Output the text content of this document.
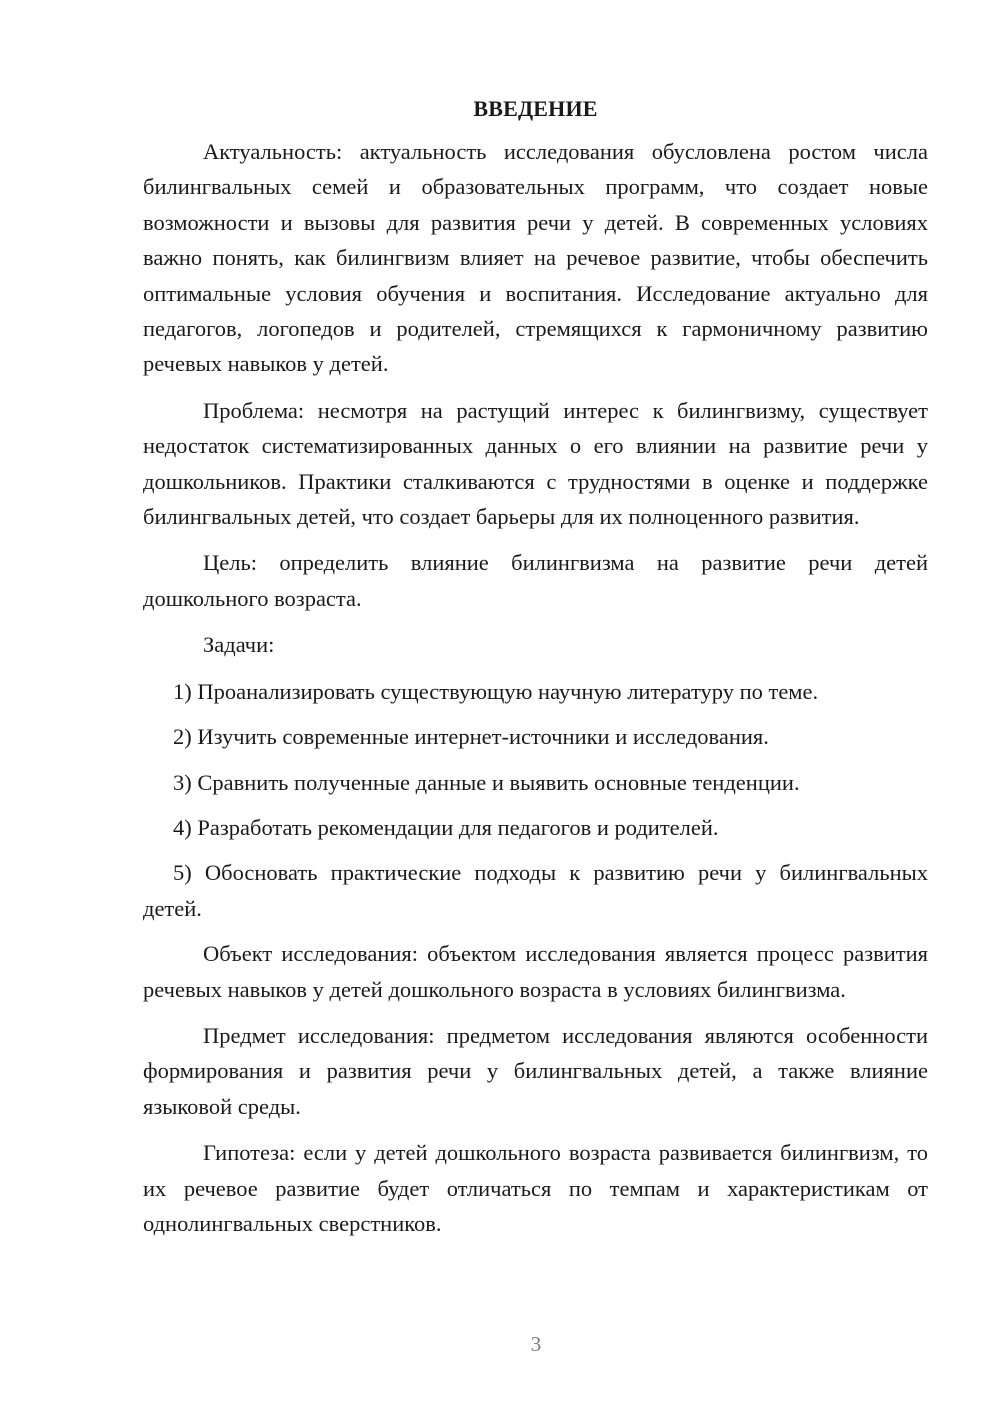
ВВЕДЕНИЕ

Актуальность: актуальность исследования обусловлена ростом числа билингвальных семей и образовательных программ, что создает новые возможности и вызовы для развития речи у детей. В современных условиях важно понять, как билингвизм влияет на речевое развитие, чтобы обеспечить оптимальные условия обучения и воспитания. Исследование актуально для педагогов, логопедов и родителей, стремящихся к гармоничному развитию речевых навыков у детей.

Проблема: несмотря на растущий интерес к билингвизму, существует недостаток систематизированных данных о его влиянии на развитие речи у дошкольников. Практики сталкиваются с трудностями в оценке и поддержке билингвальных детей, что создает барьеры для их полноценного развития.

Цель: определить влияние билингвизма на развитие речи детей дошкольного возраста.

Задачи:

1) Проанализировать существующую научную литературу по теме.

2) Изучить современные интернет-источники и исследования.

3) Сравнить полученные данные и выявить основные тенденции.

4) Разработать рекомендации для педагогов и родителей.

5) Обосновать практические подходы к развитию речи у билингвальных детей.

Объект исследования: объектом исследования является процесс развития речевых навыков у детей дошкольного возраста в условиях билингвизма.

Предмет исследования: предметом исследования являются особенности формирования и развития речи у билингвальных детей, а также влияние языковой среды.

Гипотеза: если у детей дошкольного возраста развивается билингвизм, то их речевое развитие будет отличаться по темпам и характеристикам от однолингвальных сверстников.

3
